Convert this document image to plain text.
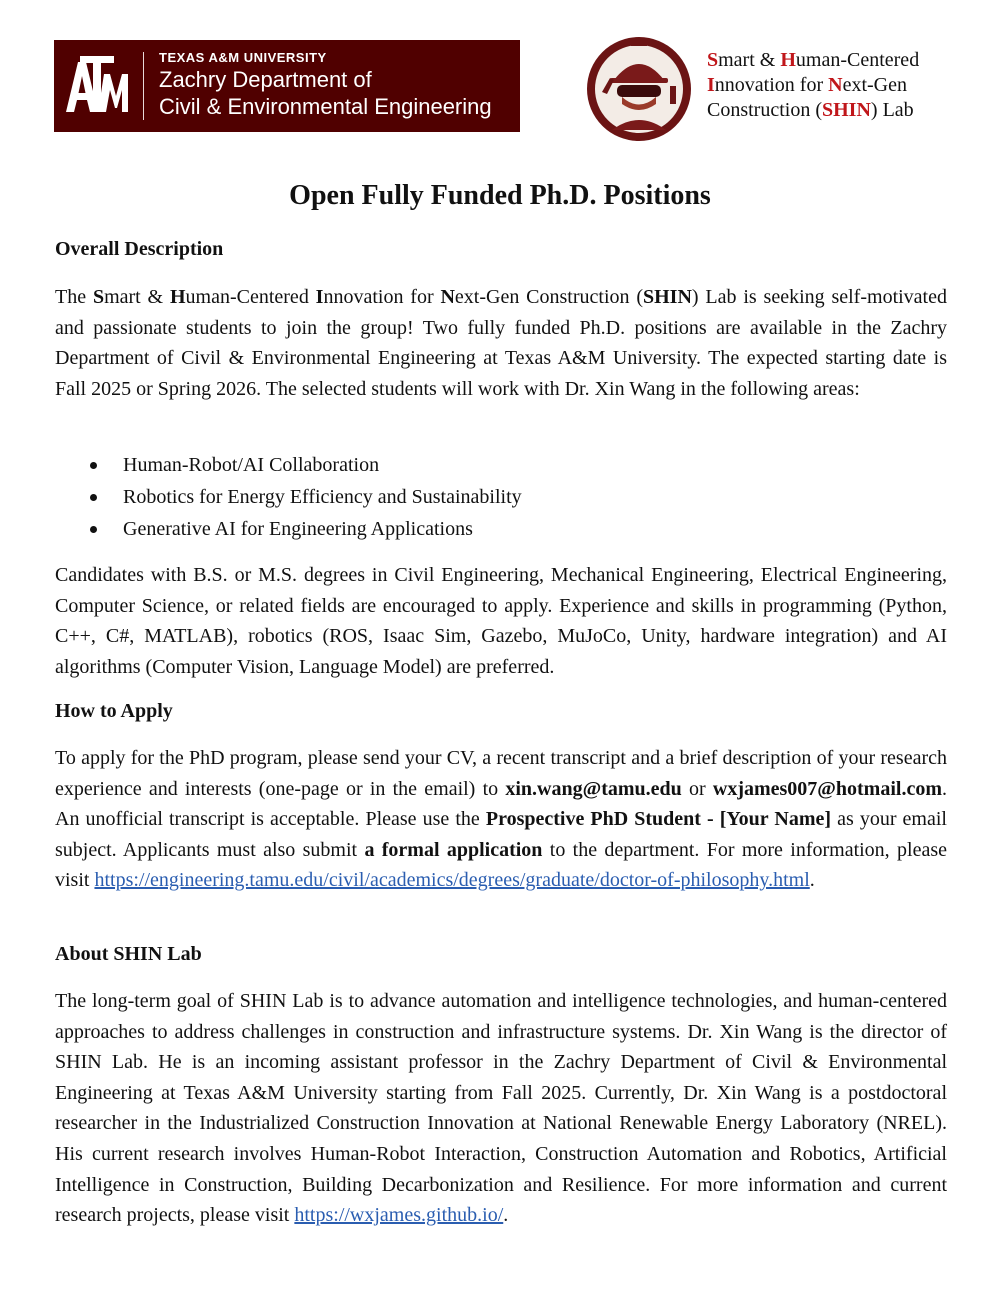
TEXAS A&M UNIVERSITY
Zachry Department of
Civil & Environmental Engineering
Smart & Human-Centered
Innovation for Next-Gen
Construction (SHIN) Lab
Open Fully Funded Ph.D. Positions
Overall Description
The Smart & Human-Centered Innovation for Next-Gen Construction (SHIN) Lab is seeking self-motivated and passionate students to join the group! Two fully funded Ph.D. positions are available in the Zachry Department of Civil & Environmental Engineering at Texas A&M University. The expected starting date is Fall 2025 or Spring 2026. The selected students will work with Dr. Xin Wang in the following areas:
Human-Robot/AI Collaboration
Robotics for Energy Efficiency and Sustainability
Generative AI for Engineering Applications
Candidates with B.S. or M.S. degrees in Civil Engineering, Mechanical Engineering, Electrical Engineering, Computer Science, or related fields are encouraged to apply. Experience and skills in programming (Python, C++, C#, MATLAB), robotics (ROS, Isaac Sim, Gazebo, MuJoCo, Unity, hardware integration) and AI algorithms (Computer Vision, Language Model) are preferred.
How to Apply
To apply for the PhD program, please send your CV, a recent transcript and a brief description of your research experience and interests (one-page or in the email) to xin.wang@tamu.edu or wxjames007@hotmail.com. An unofficial transcript is acceptable. Please use the Prospective PhD Student - [Your Name] as your email subject. Applicants must also submit a formal application to the department. For more information, please visit https://engineering.tamu.edu/civil/academics/degrees/graduate/doctor-of-philosophy.html.
About SHIN Lab
The long-term goal of SHIN Lab is to advance automation and intelligence technologies, and human-centered approaches to address challenges in construction and infrastructure systems. Dr. Xin Wang is the director of SHIN Lab. He is an incoming assistant professor in the Zachry Department of Civil & Environmental Engineering at Texas A&M University starting from Fall 2025. Currently, Dr. Xin Wang is a postdoctoral researcher in the Industrialized Construction Innovation at National Renewable Energy Laboratory (NREL). His current research involves Human-Robot Interaction, Construction Automation and Robotics, Artificial Intelligence in Construction, Building Decarbonization and Resilience. For more information and current research projects, please visit https://wxjames.github.io/.
